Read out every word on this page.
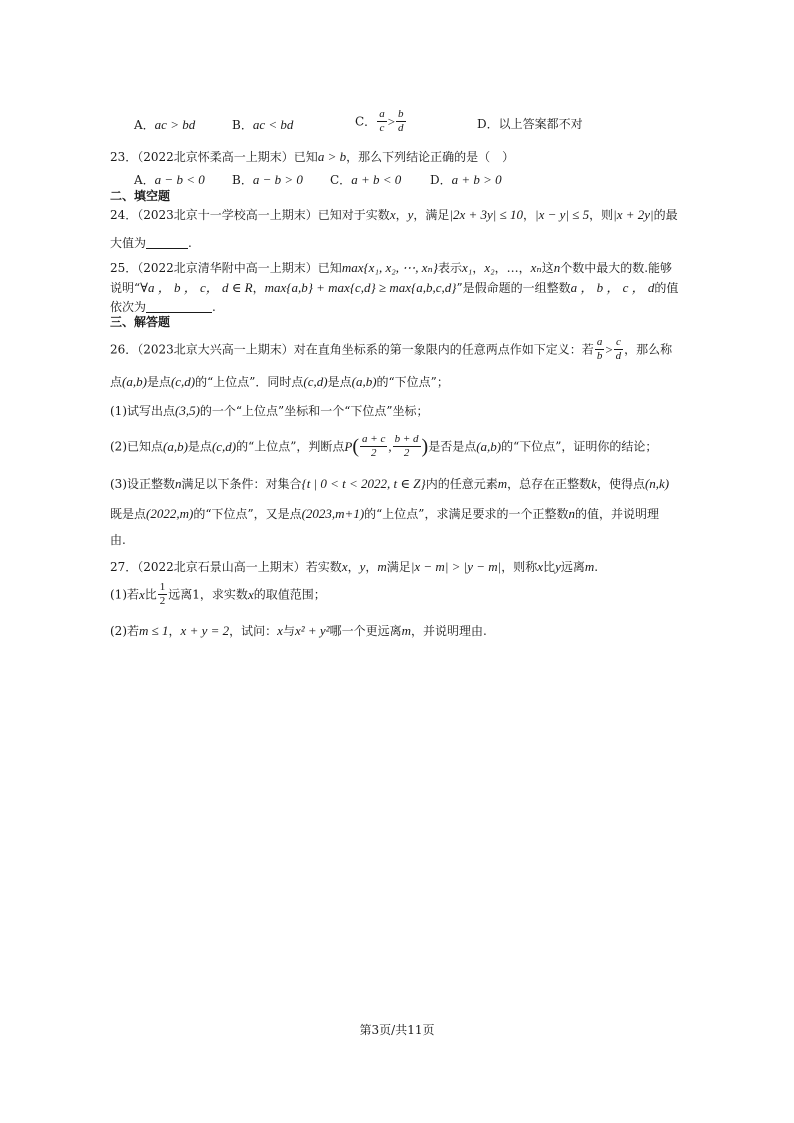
A．ac > bd	B．ac < bd	C． $\frac{a}{c} > \frac{b}{d}$	D．以上答案都不对
23．（2022北京怀柔高一上期末）已知a > b，那么下列结论正确的是（　）
A．a − b < 0 B．a − b > 0 C．a + b < 0 D．a + b > 0
二、填空题
24．（2023北京十一学校高一上期末）已知对于实数x，y，满足|2x + 3y| ≤ 10，|x − y| ≤ 5，则|x + 2y|的最
大值为	.
25．（2022北京清华附中高一上期末）已知max{x₁, x₂, ⋯, xₙ}表示x₁，x₂，…，xₙ这n个数中最大的数.能够
说明“∀a ， b ， c， d ∈ R，max{a,b} + max{c,d} ≥ max{a,b,c,d}”是假命题的一组整数a ， b ， c ， d的值
依次为	.
三、解答题
26．（2023北京大兴高一上期末）对在直角坐标系的第一象限内的任意两点作如下定义：若 $\frac{a}{b} > \frac{c}{d}$ ，那么称
点(a,b)是点(c,d)的“上位点”．同时点(c,d)是点(a,b)的“下位点”；
(1)试写出点(3,5)的一个“上位点”坐标和一个“下位点”坐标；
(2)已知点(a,b)是点(c,d)的“上位点”，判断点$P( \frac{a + c}{2}$ , $\frac{b + d}{2}$ )是否是点(a,b)的“下位点”，证明你的结论；
(3)设正整数n满足以下条件：对集合{t | 0 < t < 2022, t ∈ Z}内的任意元素m，总存在正整数k，使得点(n,k)
既是点(2022,m)的“下位点”，又是点(2023,m+1)的“上位点”，求满足要求的一个正整数n的值，并说明理
由.
27．（2022北京石景山高一上期末）若实数x，y，m满足|x − m| > |y − m|，则称x比y远离m.
(1)若x比 $\frac{1}{2}$ 远离1，求实数x的取值范围；
(2)若m ≤ 1，x + y = 2，试问：x与x² + y²哪一个更远离m，并说明理由.
第3页/共11页
